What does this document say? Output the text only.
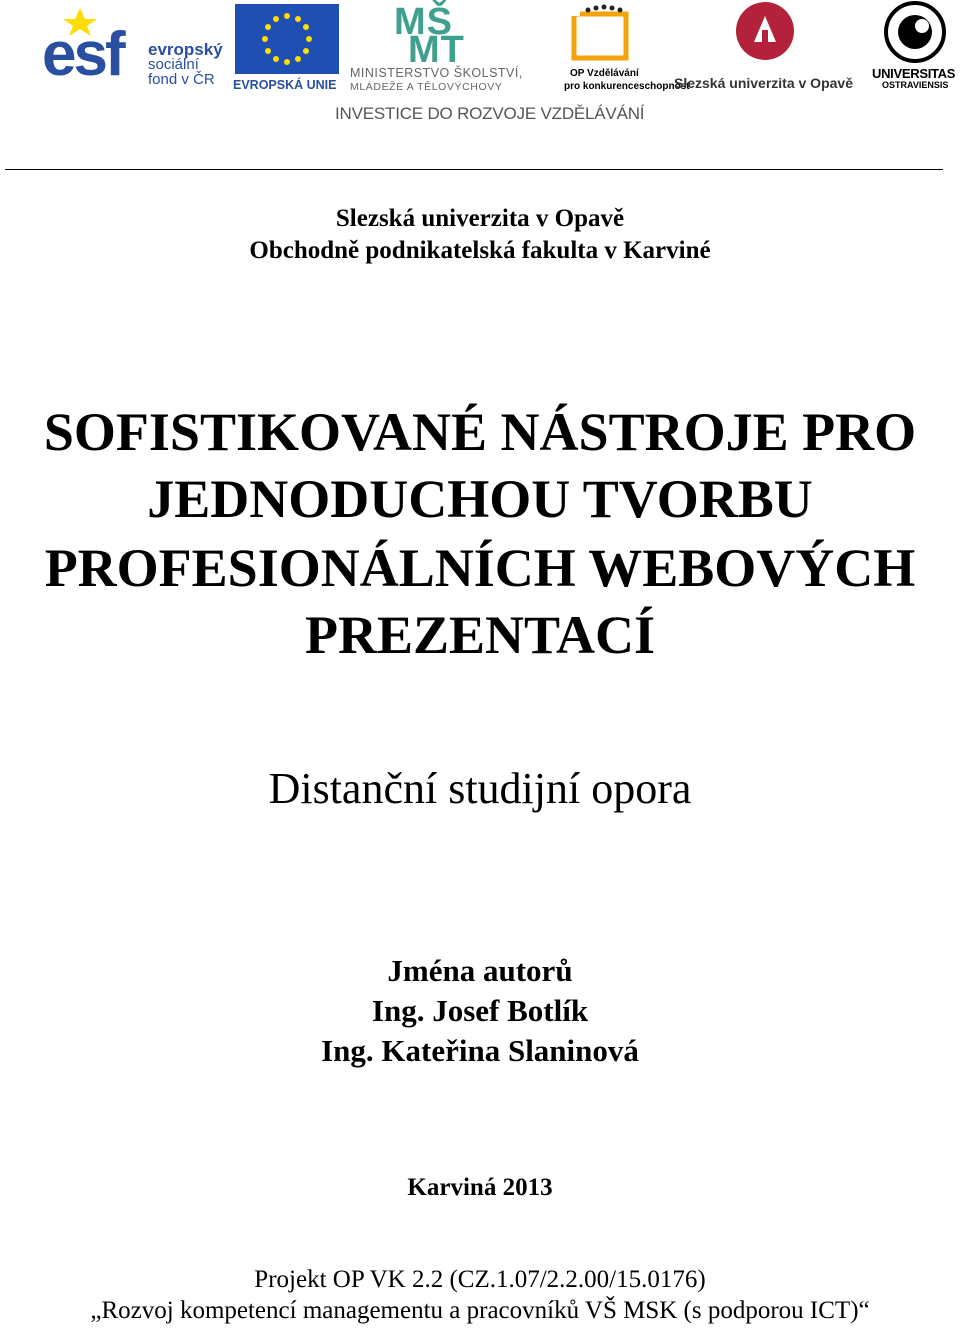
esf evropský
sociální
fond v ČR	EVROPSKÁ UNIE
MŠ
MT
MINISTERSTVO ŠKOLSTVÍ,
MLÁDEŽE A TĚLOVÝCHOVY
OP Vzdělávání
pro konkurenceschopnost
Slezská univerzita v Opavě
UNIVERSITAS
OSTRAVIENSIS
INVESTICE DO ROZVOJE VZDĚLÁVÁNÍ
Slezská univerzita v Opavě
Obchodně podnikatelská fakulta v Karviné
SOFISTIKOVANÉ NÁSTROJE PRO
JEDNODUCHOU TVORBU
PROFESIONÁLNÍCH WEBOVÝCH
PREZENTACÍ
Distanční studijní opora
Jména autorů
Ing. Josef Botlík
Ing. Kateřina Slaninová
Karviná 2013
Projekt OP VK 2.2 (CZ.1.07/2.2.00/15.0176)
„Rozvoj kompetencí managementu a pracovníků VŠ MSK (s podporou ICT)“
